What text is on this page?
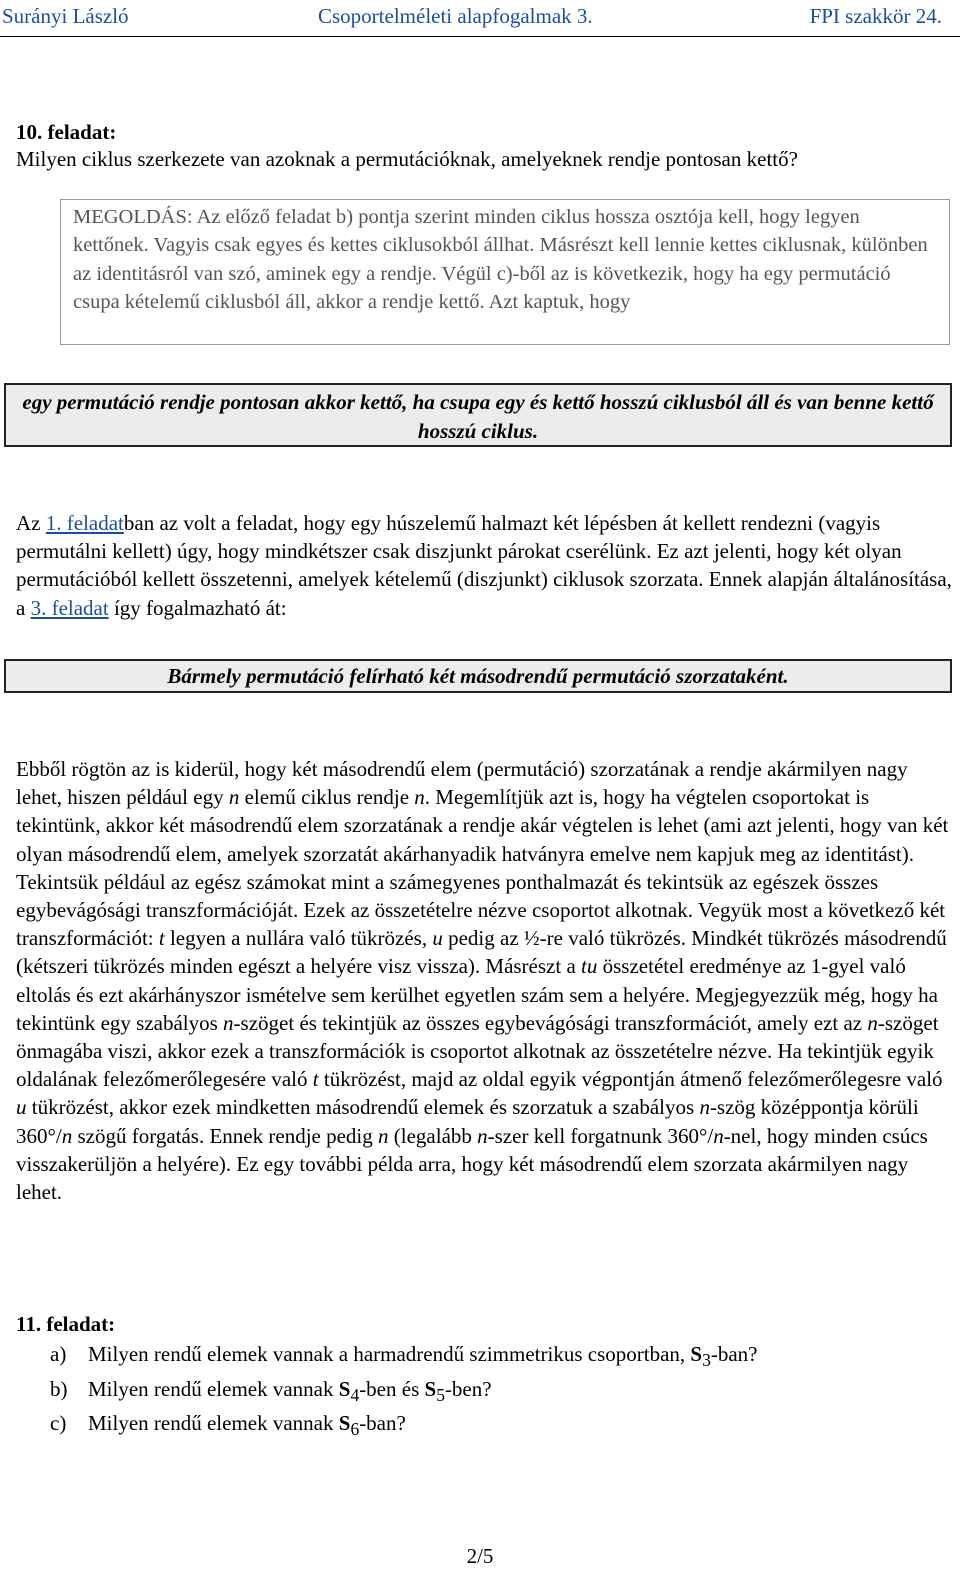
Surányi László	Csoportelméleti alapfogalmak 3.	FPI szakkör 24.
10. feladat:
Milyen ciklus szerkezete van azoknak a permutációknak, amelyeknek rendje pontosan kettő?
MEGOLDÁS: Az előző feladat b) pontja szerint minden ciklus hossza osztója kell, hogy legyen kettőnek. Vagyis csak egyes és kettes ciklusokból állhat. Másrészt kell lennie kettes ciklusnak, különben az identitásról van szó, aminek egy a rendje. Végül c)-ből az is következik, hogy ha egy permutáció csupa kételemű ciklusból áll, akkor a rendje kettő. Azt kaptuk, hogy
egy permutáció rendje pontosan akkor kettő, ha csupa egy és kettő hosszú ciklusból áll és van benne kettő hosszú ciklus.
Az 1. feladatban az volt a feladat, hogy egy húszelemű halmazt két lépésben át kellett rendezni (vagyis permutálni kellett) úgy, hogy mindkétszer csak diszjunkt párokat cserélünk. Ez azt jelenti, hogy két olyan permutációból kellett összetenni, amelyek kételemű (diszjunkt) ciklusok szorzata. Ennek alapján általánosítása, a 3. feladat így fogalmazható át:
Bármely permutáció felírható két másodrendű permutáció szorzataként.
Ebből rögtön az is kiderül, hogy két másodrendű elem (permutáció) szorzatának a rendje akármilyen nagy lehet, hiszen például egy n elemű ciklus rendje n. Megemlítjük azt is, hogy ha végtelen csoportokat is tekintünk, akkor két másodrendű elem szorzatának a rendje akár végtelen is lehet (ami azt jelenti, hogy van két olyan másodrendű elem, amelyek szorzatát akárhanyadik hatványra emelve nem kapjuk meg az identitást). Tekintsük például az egész számokat mint a számegyenes ponthalmazát és tekintsük az egészek összes egybevágósági transzformációját. Ezek az összetételre nézve csoportot alkotnak. Vegyük most a következő két transzformációt: t legyen a nullára való tükrözés, u pedig az ½-re való tükrözés. Mindkét tükrözés másodrendű (kétszeri tükrözés minden egészt a helyére visz vissza). Másrészt a tu összetétel eredménye az 1-gyel való eltolás és ezt akárhányszor ismételve sem kerülhet egyetlen szám sem a helyére. Megjegyezzük még, hogy ha tekintünk egy szabályos n-szöget és tekintjük az összes egybevágósági transzformációt, amely ezt az n-szöget önmagába viszi, akkor ezek a transzformációk is csoportot alkotnak az összetételre nézve. Ha tekintjük egyik oldalának felezőmerőlegesére való t tükrözést, majd az oldal egyik végpontján átmenő felezőmerőlegesre való u tükrözést, akkor ezek mindketten másodrendű elemek és szorzatuk a szabályos n-szög középpontja körüli 360°/n szögű forgatás. Ennek rendje pedig n (legalább n-szer kell forgatnunk 360°/n-nel, hogy minden csúcs visszakerüljön a helyére). Ez egy további példa arra, hogy két másodrendű elem szorzata akármilyen nagy lehet.
11. feladat:
a) Milyen rendű elemek vannak a harmadrendű szimmetrikus csoportban, $S_3$-ban?
b) Milyen rendű elemek vannak $S_4$-ben és $S_5$-ben?
c) Milyen rendű elemek vannak $S_6$-ban?
2/5
